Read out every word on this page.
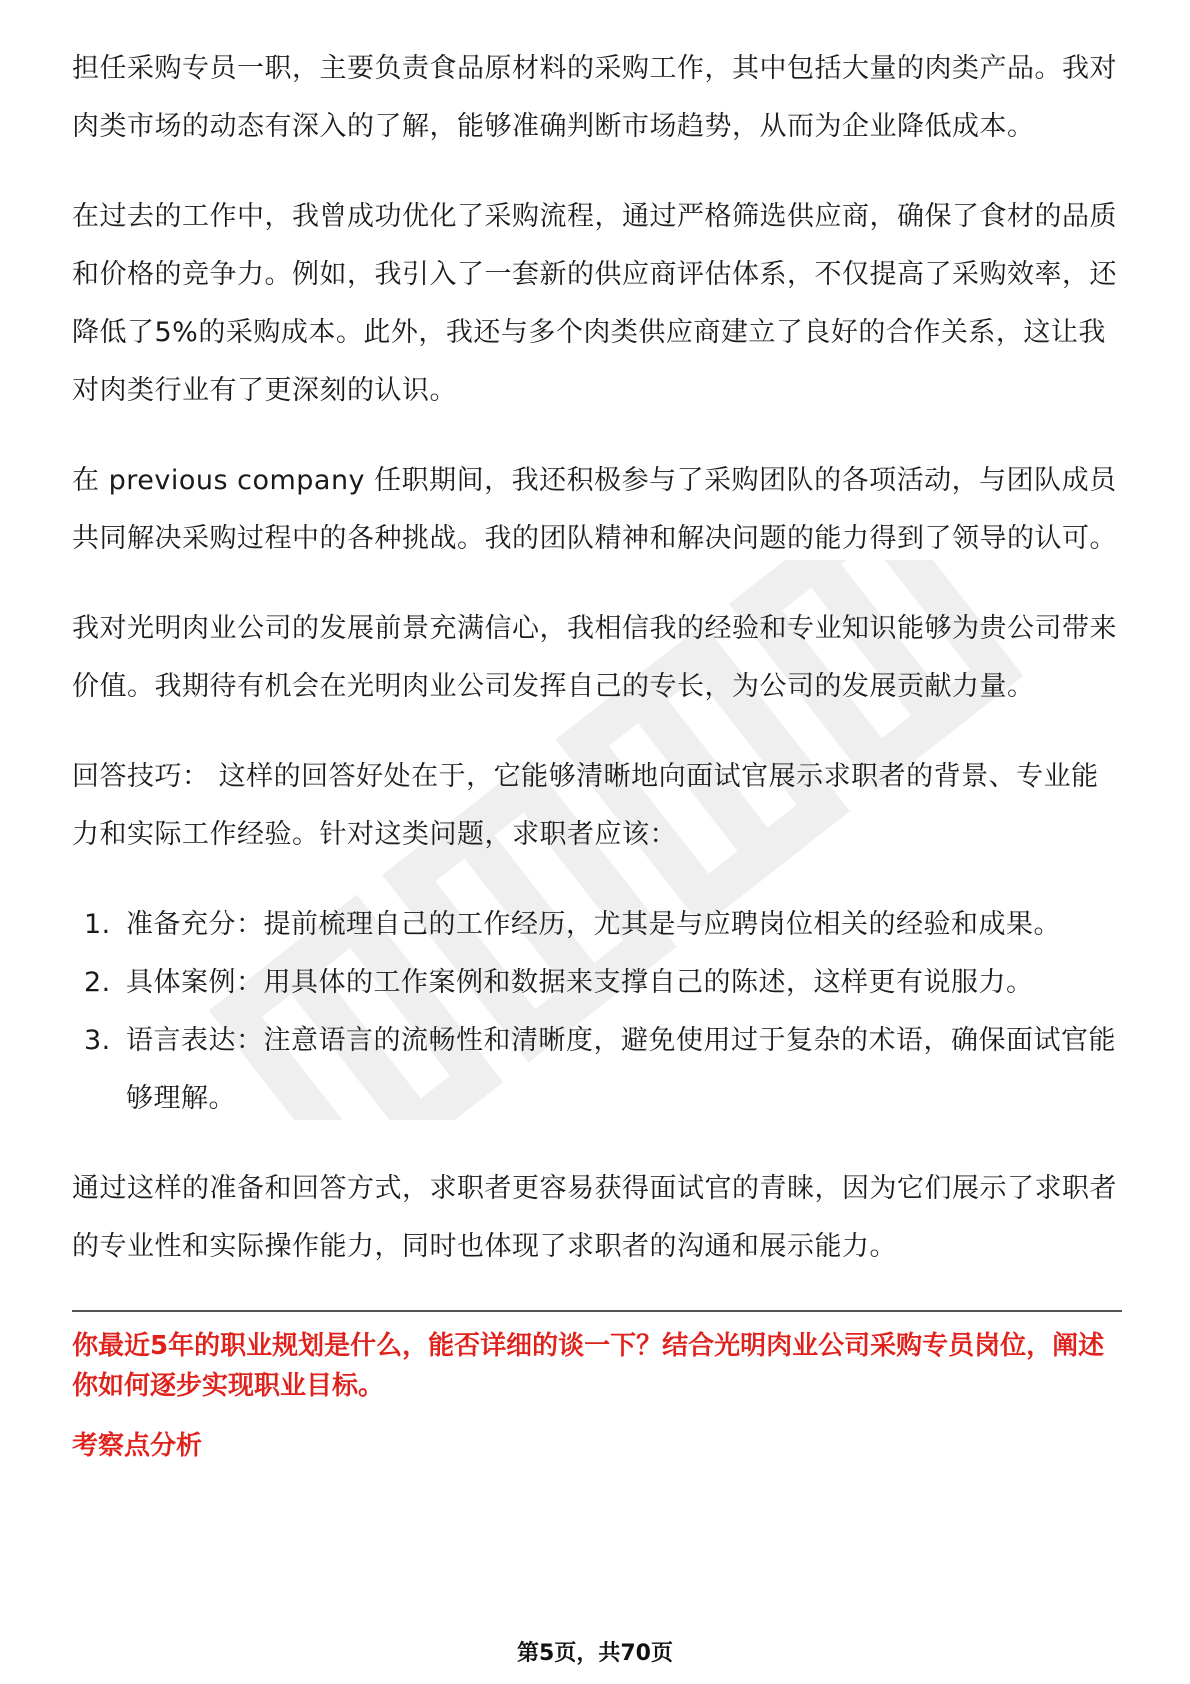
担任采购专员一职，主要负责食品原材料的采购工作，其中包括大量的肉类产品。我对肉类市场的动态有深入的了解，能够准确判断市场趋势，从而为企业降低成本。

在过去的工作中，我曾成功优化了采购流程，通过严格筛选供应商，确保了食材的品质和价格的竞争力。例如，我引入了一套新的供应商评估体系，不仅提高了采购效率，还降低了5%的采购成本。此外，我还与多个肉类供应商建立了良好的合作关系，这让我对肉类行业有了更深刻的认识。

在 previous company 任职期间，我还积极参与了采购团队的各项活动，与团队成员共同解决采购过程中的各种挑战。我的团队精神和解决问题的能力得到了领导的认可。

我对光明肉业公司的发展前景充满信心，我相信我的经验和专业知识能够为贵公司带来价值。我期待有机会在光明肉业公司发挥自己的专长，为公司的发展贡献力量。

回答技巧： 这样的回答好处在于，它能够清晰地向面试官展示求职者的背景、专业能力和实际工作经验。针对这类问题，求职者应该：

1. 准备充分：提前梳理自己的工作经历，尤其是与应聘岗位相关的经验和成果。
2. 具体案例：用具体的工作案例和数据来支撑自己的陈述，这样更有说服力。
3. 语言表达：注意语言的流畅性和清晰度，避免使用过于复杂的术语，确保面试官能够理解。

通过这样的准备和回答方式，求职者更容易获得面试官的青睐，因为它们展示了求职者的专业性和实际操作能力，同时也体现了求职者的沟通和展示能力。

你最近5年的职业规划是什么，能否详细的谈一下？结合光明肉业公司采购专员岗位，阐述你如何逐步实现职业目标。

考察点分析

第5页，共70页
